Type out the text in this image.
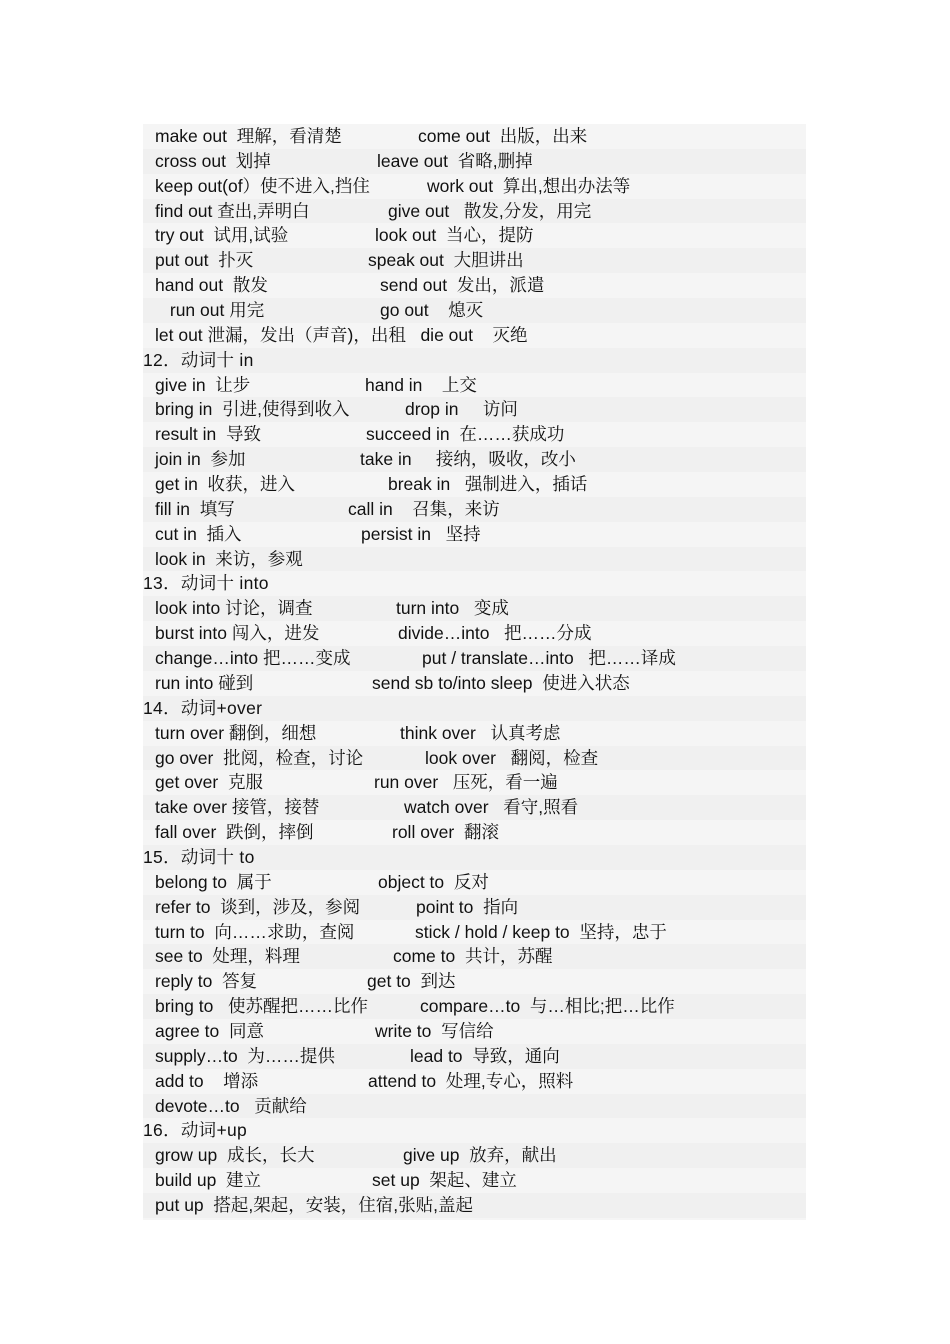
make out  理解，看清楚	come out  出版，出来
cross out  划掉	leave out  省略,删掉
keep out(of）使不进入,挡住	work out  算出,想出办法等
find out 查出,弄明白	give out   散发,分发，用完
try out  试用,试验	look out  当心，提防
put out  扑灭	speak out  大胆讲出
hand out  散发	send out  发出，派遣
run out 用完	go out    熄灭
let out 泄漏，发出（声音)，出租   die out    灭绝
12．动词十 in
give in  让步	hand in    上交
bring in  引进,使得到收入	drop in     访问
result in  导致	succeed in  在……获成功
join in  参加	take in     接纳，吸收，改小
get in  收获，进入	break in   强制进入，插话
fill in  填写	call in    召集，来访
cut in  插入	persist in   坚持
look in  来访，参观
13．动词十 into
look into 讨论，调查	turn into   变成
burst into 闯入，进发	divide…into   把……分成
change…into 把……变成	put / translate…into   把……译成
run into 碰到	send sb to/into sleep  使进入状态
14．动词+over
turn over 翻倒，细想	think over   认真考虑
go over  批阅，检查，讨论	look over   翻阅，检查
get over  克服	run over   压死，看一遍
take over 接管，接替	watch over   看守,照看
fall over  跌倒，摔倒	roll over  翻滚
15．动词十 to
belong to  属于	object to  反对
refer to  谈到，涉及，参阅	point to  指向
turn to  向……求助，查阅	stick / hold / keep to  坚持，忠于
see to  处理，料理	come to  共计，苏醒
reply to  答复	get to  到达
bring to   使苏醒把……比作	compare…to  与…相比;把…比作
agree to  同意	write to  写信给
supply…to  为……提供	lead to  导致，通向
add to    增添	attend to  处理,专心，照料
devote…to   贡献给
16．动词+up
grow up  成长，长大	give up  放弃，献出
build up  建立	set up  架起、建立
put up  搭起,架起，安装，住宿,张贴,盖起
